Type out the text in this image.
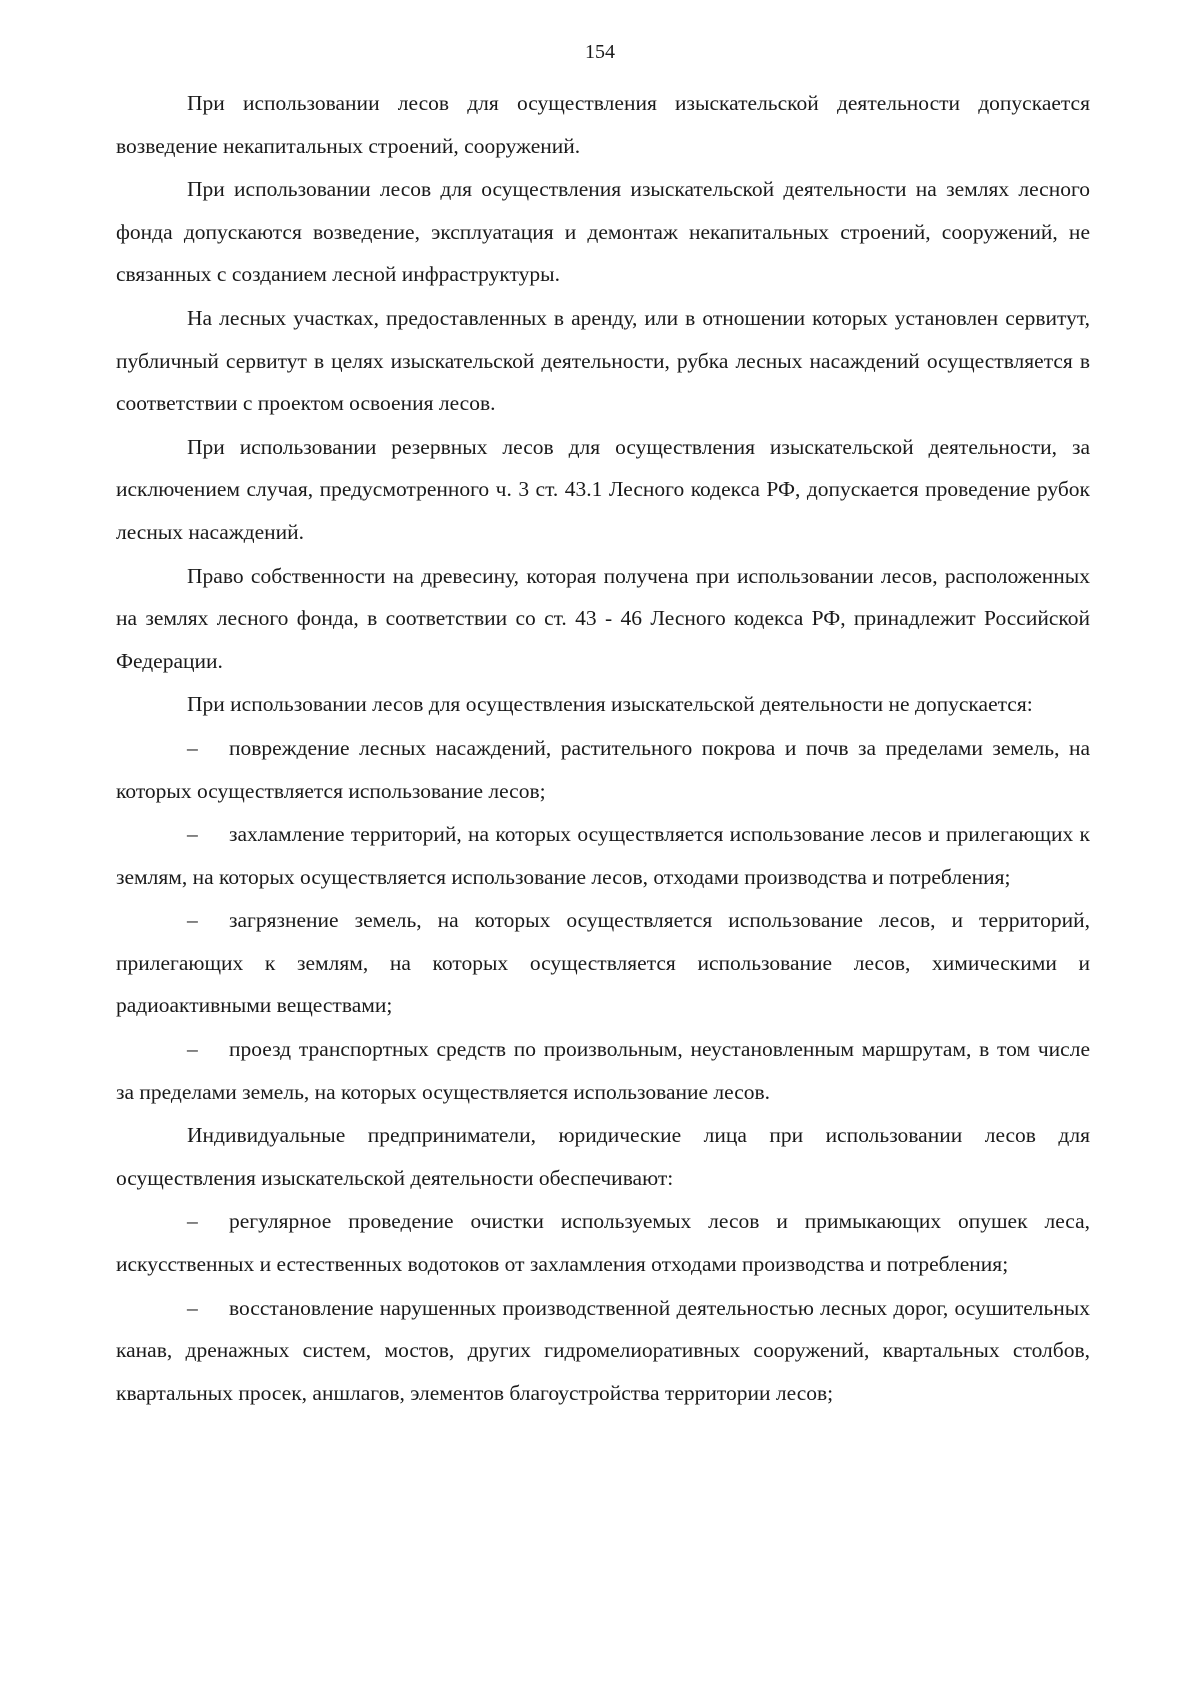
154

При использовании лесов для осуществления изыскательской деятельности допускается возведение некапитальных строений, сооружений.

При использовании лесов для осуществления изыскательской деятельности на землях лесного фонда допускаются возведение, эксплуатация и демонтаж некапитальных строений, сооружений, не связанных с созданием лесной инфраструктуры.

На лесных участках, предоставленных в аренду, или в отношении которых установлен сервитут, публичный сервитут в целях изыскательской деятельности, рубка лесных насаждений осуществляется в соответствии с проектом освоения лесов.

При использовании резервных лесов для осуществления изыскательской деятельности, за исключением случая, предусмотренного ч. 3 ст. 43.1 Лесного кодекса РФ, допускается проведение рубок лесных насаждений.

Право собственности на древесину, которая получена при использовании лесов, расположенных на землях лесного фонда, в соответствии со ст. 43 - 46 Лесного кодекса РФ, принадлежит Российской Федерации.

При использовании лесов для осуществления изыскательской деятельности не допускается:

– повреждение лесных насаждений, растительного покрова и почв за пределами земель, на которых осуществляется использование лесов;

– захламление территорий, на которых осуществляется использование лесов и прилегающих к землям, на которых осуществляется использование лесов, отходами производства и потребления;

– загрязнение земель, на которых осуществляется использование лесов, и территорий, прилегающих к землям, на которых осуществляется использование лесов, химическими и радиоактивными веществами;

– проезд транспортных средств по произвольным, неустановленным маршрутам, в том числе за пределами земель, на которых осуществляется использование лесов.

Индивидуальные предприниматели, юридические лица при использовании лесов для осуществления изыскательской деятельности обеспечивают:

– регулярное проведение очистки используемых лесов и примыкающих опушек леса, искусственных и естественных водотоков от захламления отходами производства и потребления;

– восстановление нарушенных производственной деятельностью лесных дорог, осушительных канав, дренажных систем, мостов, других гидромелиоративных сооружений, квартальных столбов, квартальных просек, аншлагов, элементов благоустройства территории лесов;
